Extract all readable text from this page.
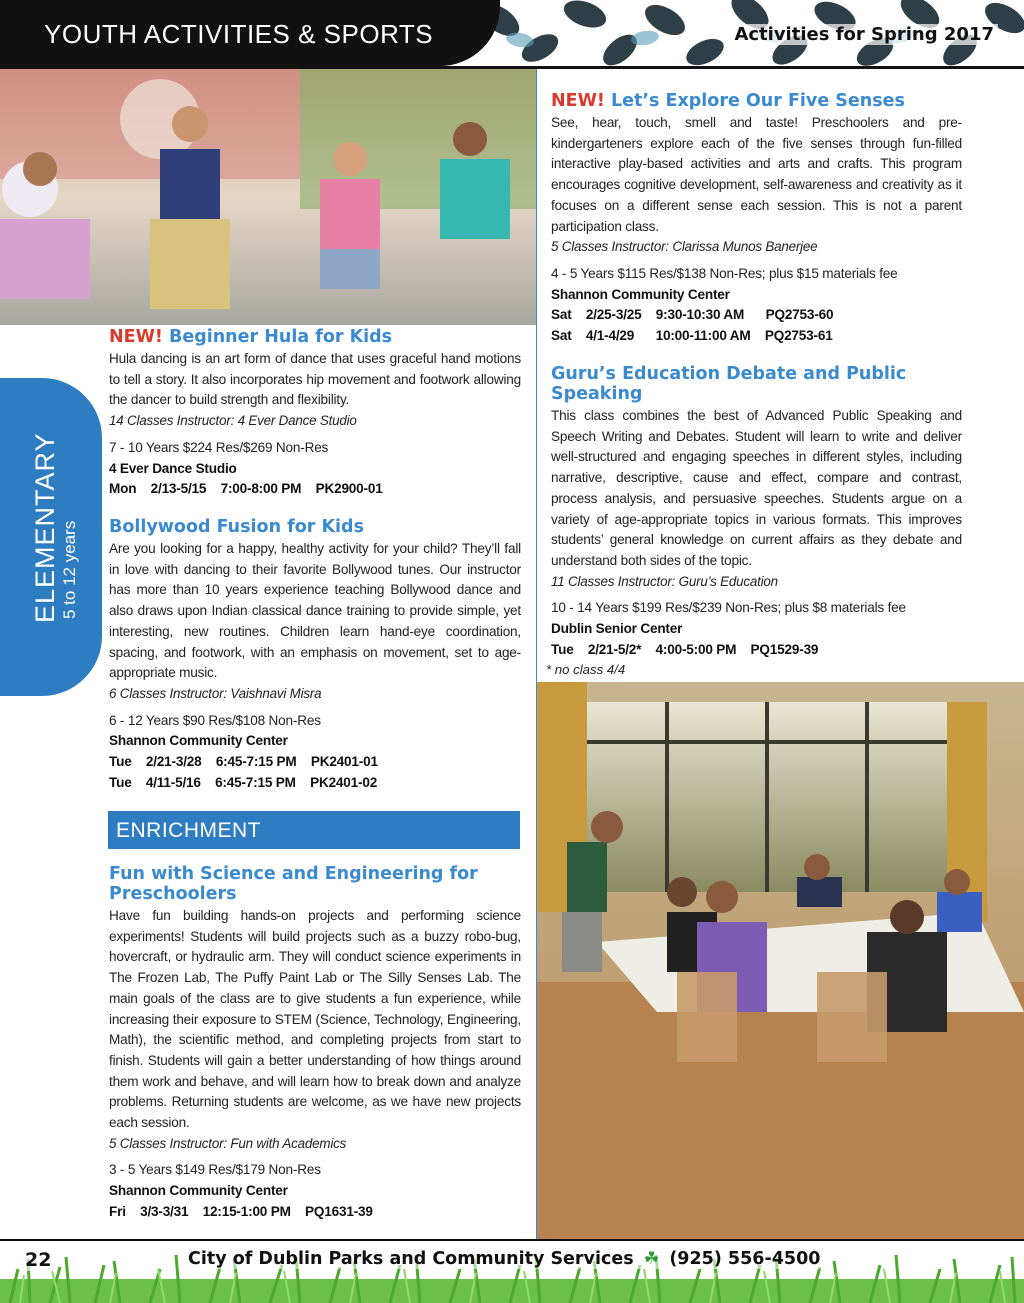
YOUTH ACTIVITIES & SPORTS	Activities for Spring 2017
ELEMENTARY 5 to 12 years
NEW! Beginner Hula for Kids
Hula dancing is an art form of dance that uses graceful hand motions to tell a story. It also incorporates hip movement and footwork allowing the dancer to build strength and flexibility.
14 Classes Instructor: 4 Ever Dance Studio
7 - 10 Years $224 Res/$269 Non-Res
4 Ever Dance Studio
Mon    2/13-5/15    7:00-8:00 PM    PK2900-01
Bollywood Fusion for Kids
Are you looking for a happy, healthy activity for your child? They’ll fall in love with dancing to their favorite Bollywood tunes. Our instructor has more than 10 years experience teaching Bollywood dance and also draws upon Indian classical dance training to provide simple, yet interesting, new routines. Children learn hand-eye coordination, spacing, and footwork, with an emphasis on movement, set to age-appropriate music.
6 Classes Instructor: Vaishnavi Misra
6 - 12 Years $90 Res/$108 Non-Res
Shannon Community Center
Tue    2/21-3/28    6:45-7:15 PM    PK2401-01
Tue    4/11-5/16    6:45-7:15 PM    PK2401-02
ENRICHMENT
Fun with Science and Engineering for Preschoolers
Have fun building hands-on projects and performing science experiments! Students will build projects such as a buzzy robo-bug, hovercraft, or hydraulic arm. They will conduct science experiments in The Frozen Lab, The Puffy Paint Lab or The Silly Senses Lab. The main goals of the class are to give students a fun experience, while increasing their exposure to STEM (Science, Technology, Engineering, Math), the scientific method, and completing projects from start to finish. Students will gain a better understanding of how things around them work and behave, and will learn how to break down and analyze problems. Returning students are welcome, as we have new projects each session.
5 Classes Instructor: Fun with Academics
3 - 5 Years $149 Res/$179 Non-Res
Shannon Community Center
Fri    3/3-3/31    12:15-1:00 PM    PQ1631-39
NEW! Let’s Explore Our Five Senses
See, hear, touch, smell and taste! Preschoolers and pre-kindergarteners explore each of the five senses through fun-filled interactive play-based activities and arts and crafts. This program encourages cognitive development, self-awareness and creativity as it focuses on a different sense each session. This is not a parent participation class.
5 Classes Instructor: Clarissa Munos Banerjee
4 - 5 Years $115 Res/$138 Non-Res; plus $15 materials fee
Shannon Community Center
Sat    2/25-3/25    9:30-10:30 AM      PQ2753-60
Sat    4/1-4/29      10:00-11:00 AM    PQ2753-61
Guru’s Education Debate and Public Speaking
This class combines the best of Advanced Public Speaking and Speech Writing and Debates. Student will learn to write and deliver well-structured and engaging speeches in different styles, including narrative, descriptive, cause and effect, compare and contrast, process analysis, and persuasive speeches. Students argue on a variety of age-appropriate topics in various formats. This improves students’ general knowledge on current affairs as they debate and understand both sides of the topic.
11 Classes Instructor: Guru’s Education
10 - 14 Years $199 Res/$239 Non-Res; plus $8 materials fee
Dublin Senior Center
Tue    2/21-5/2*    4:00-5:00 PM    PQ1529-39
* no class 4/4
22	City of Dublin Parks and Community Services ☘ (925) 556-4500
